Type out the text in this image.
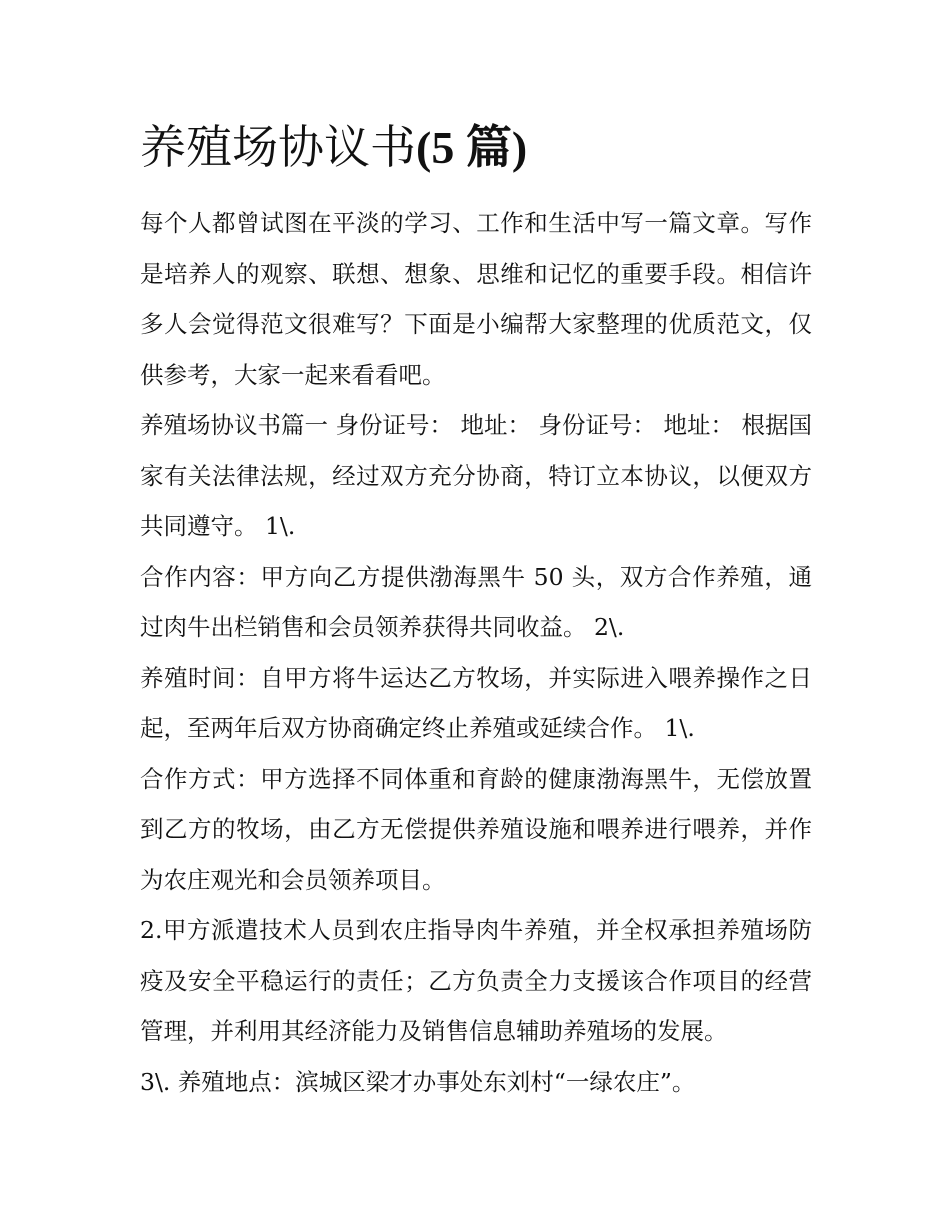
养殖场协议书(5 篇)

每个人都曾试图在平淡的学习、工作和生活中写一篇文章。写作是培养人的观察、联想、想象、思维和记忆的重要手段。相信许多人会觉得范文很难写？下面是小编帮大家整理的优质范文，仅供参考，大家一起来看看吧。

养殖场协议书篇一 身份证号： 地址： 身份证号： 地址： 根据国家有关法律法规，经过双方充分协商，特订立本协议，以便双方共同遵守。 1\.

合作内容：甲方向乙方提供渤海黑牛 50 头，双方合作养殖，通过肉牛出栏销售和会员领养获得共同收益。 2\.

养殖时间：自甲方将牛运达乙方牧场，并实际进入喂养操作之日起，至两年后双方协商确定终止养殖或延续合作。 1\.

合作方式：甲方选择不同体重和育龄的健康渤海黑牛，无偿放置到乙方的牧场，由乙方无偿提供养殖设施和喂养进行喂养，并作为农庄观光和会员领养项目。

2.甲方派遣技术人员到农庄指导肉牛养殖，并全权承担养殖场防疫及安全平稳运行的责任；乙方负责全力支援该合作项目的经营管理，并利用其经济能力及销售信息辅助养殖场的发展。

3\. 养殖地点：滨城区梁才办事处东刘村“一绿农庄”。
